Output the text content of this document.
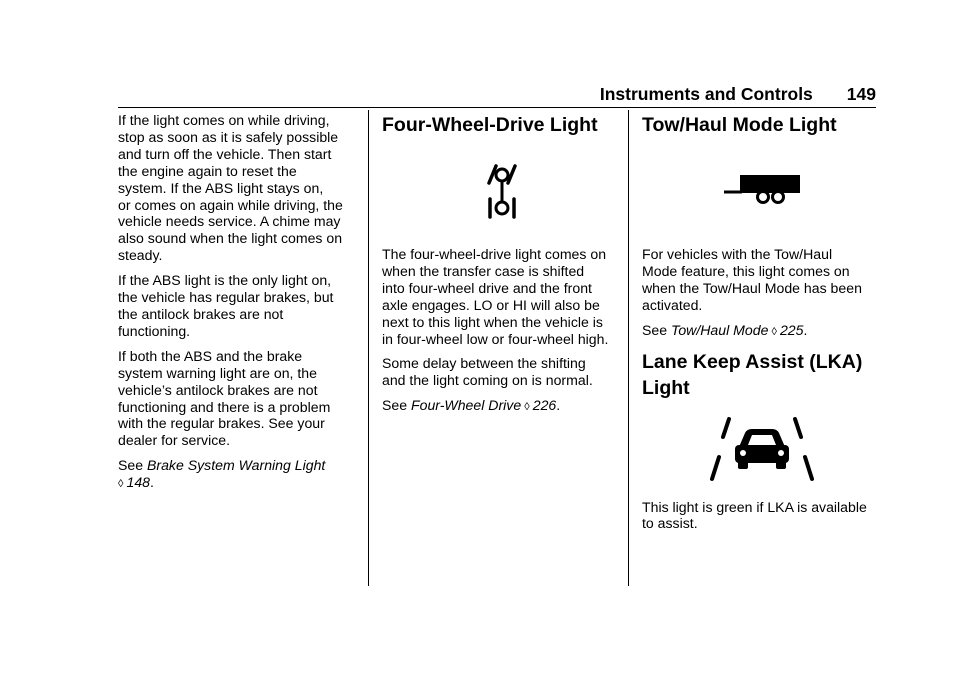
Instruments and Controls 149

If the light comes on while driving,
stop as soon as it is safely possible
and turn off the vehicle. Then start
the engine again to reset the
system. If the ABS light stays on,
or comes on again while driving, the
vehicle needs service. A chime may
also sound when the light comes on
steady.

If the ABS light is the only light on,
the vehicle has regular brakes, but
the antilock brakes are not
functioning.

If both the ABS and the brake
system warning light are on, the
vehicle’s antilock brakes are not
functioning and there is a problem
with the regular brakes. See your
dealer for service.

See Brake System Warning Light
◊ 148.

Four-Wheel-Drive Light

The four-wheel-drive light comes on
when the transfer case is shifted
into four-wheel drive and the front
axle engages. LO or HI will also be
next to this light when the vehicle is
in four-wheel low or four-wheel high.

Some delay between the shifting
and the light coming on is normal.

See Four-Wheel Drive ◊ 226.

Tow/Haul Mode Light

For vehicles with the Tow/Haul
Mode feature, this light comes on
when the Tow/Haul Mode has been
activated.

See Tow/Haul Mode ◊ 225.

Lane Keep Assist (LKA)
Light

This light is green if LKA is available
to assist.
